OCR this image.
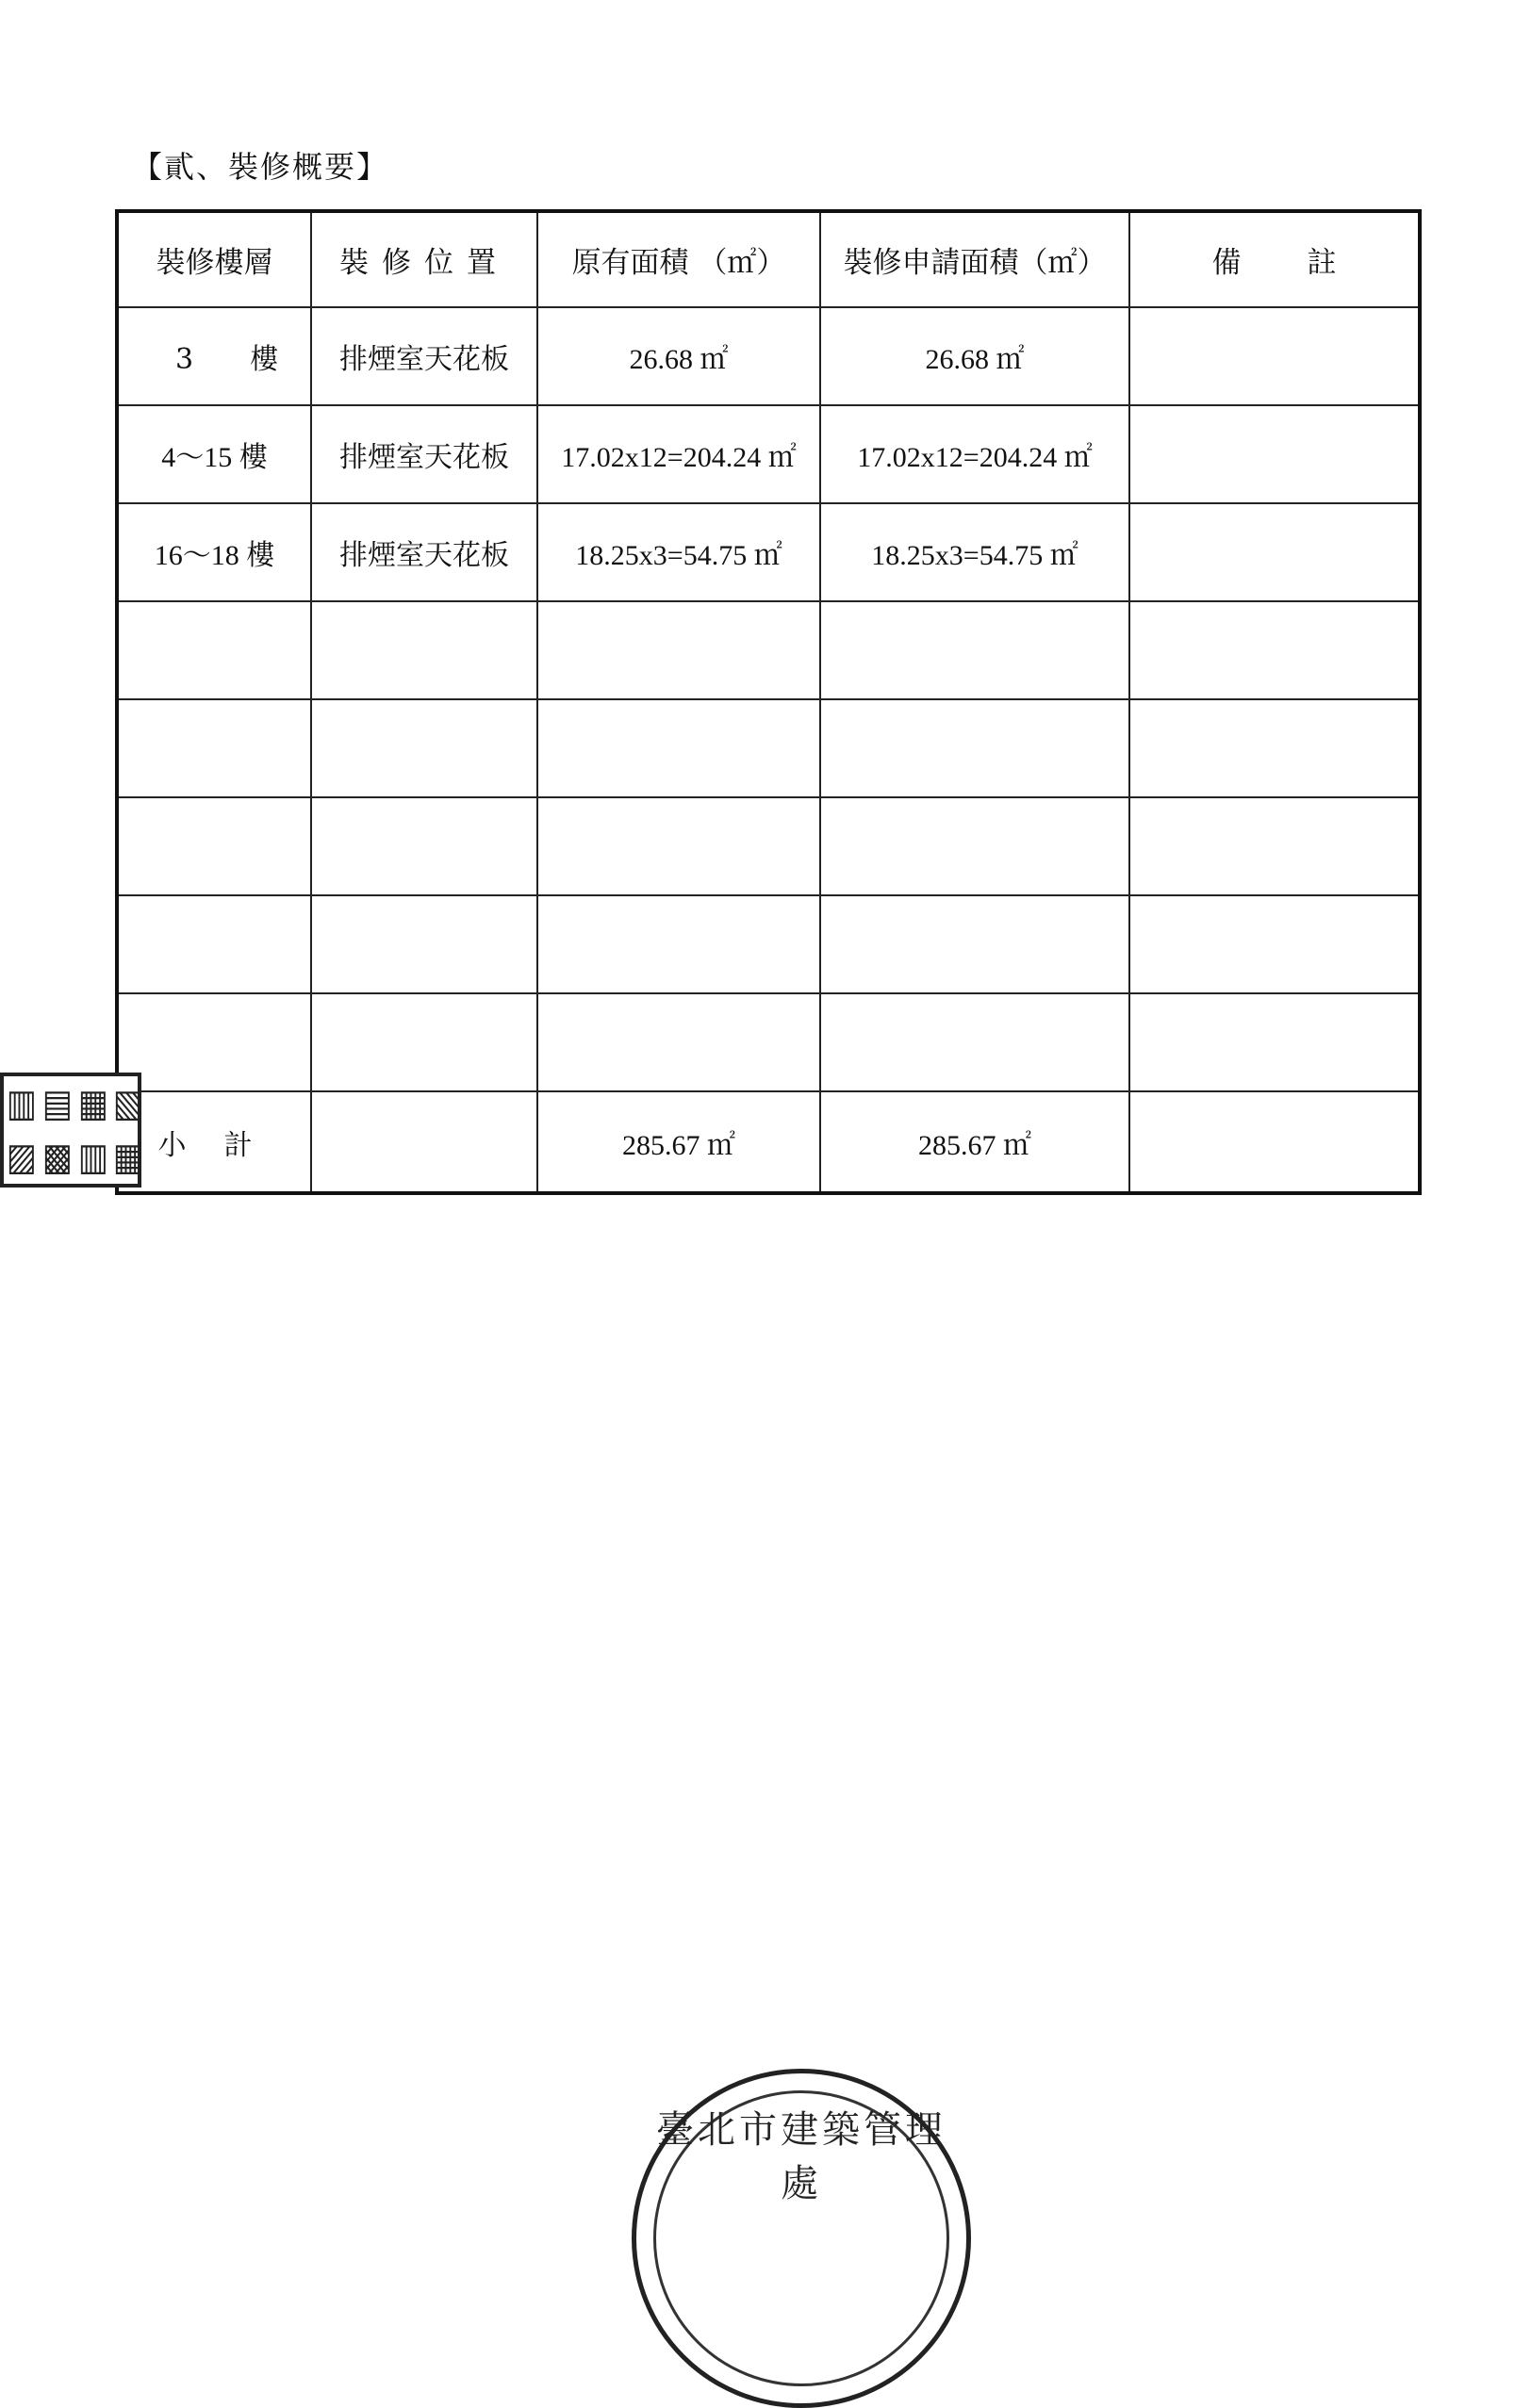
【貳、裝修概要】
裝修樓層	裝修位置	原有面積 （㎡）	裝修申請面積（㎡）	備註
3樓	排煙室天花板	26.68 ㎡	26.68 ㎡	
4～15 樓	排煙室天花板	17.02x12=204.24 ㎡	17.02x12=204.24 ㎡	
16～18 樓	排煙室天花板	18.25x3=54.75 ㎡	18.25x3=54.75 ㎡	

小計		285.67 ㎡	285.67 ㎡	
▥ ▤ ▦ ▧
▨ ▩ ▥ ▦
臺北市建築管理處
